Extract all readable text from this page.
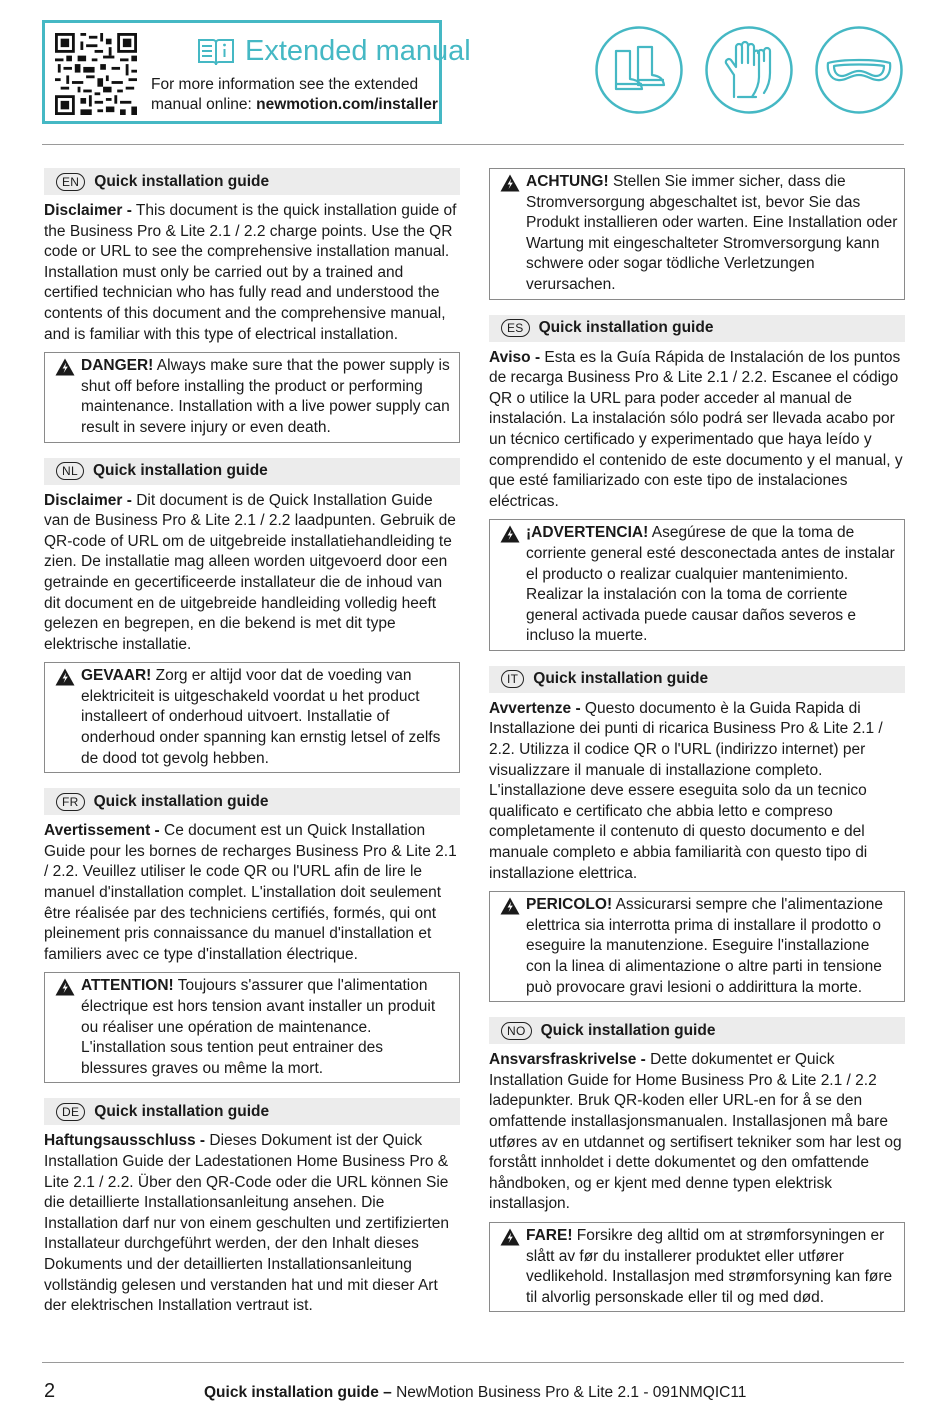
Extended manual
For more information see the extended
manual online: newmotion.com/installer
EN Quick installation guide

Disclaimer - This document is the quick installation guide of the Business Pro & Lite 2.1 / 2.2 charge points. Use the QR code or URL to see the comprehensive installation manual. Installation must only be carried out by a trained and certified technician who has fully read and understood the contents of this document and the comprehensive manual, and is familiar with this type of electrical installation.

DANGER! Always make sure that the power supply is shut off before installing the product or performing maintenance. Installation with a live power supply can result in severe injury or even death.
NL Quick installation guide

Disclaimer - Dit document is de Quick Installation Guide van de Business Pro & Lite 2.1 / 2.2 laadpunten. Gebruik de QR-code of URL om de uitgebreide installatiehandleiding te zien. De installatie mag alleen worden uitgevoerd door een getrainde en gecertificeerde installateur die de inhoud van dit document en de uitgebreide handleiding volledig heeft gelezen en begrepen, en die bekend is met dit type elektrische installatie.

GEVAAR! Zorg er altijd voor dat de voeding van elektriciteit is uitgeschakeld voordat u het product installeert of onderhoud uitvoert. Installatie of onderhoud onder spanning kan ernstig letsel of zelfs de dood tot gevolg hebben.
FR Quick installation guide

Avertissement - Ce document est un Quick Installation Guide pour les bornes de recharges Business Pro & Lite 2.1 / 2.2. Veuillez utiliser le code QR ou l'URL afin de lire le manuel d'installation complet. L'installation doit seulement être réalisée par des techniciens certifiés, formés, qui ont pleinement pris connaissance du manuel d'installation et familiers avec ce type d'installation électrique.

ATTENTION! Toujours s'assurer que l'alimentation électrique est hors tension avant installer un produit ou réaliser une opération de maintenance. L'installation sous tention peut entrainer des blessures graves ou même la mort.
DE Quick installation guide

Haftungsausschluss - Dieses Dokument ist der Quick Installation Guide der Ladestationen Home Business Pro & Lite 2.1 / 2.2. Über den QR-Code oder die URL können Sie die detaillierte Installationsanleitung ansehen. Die Installation darf nur von einem geschulten und zertifizierten Installateur durchgeführt werden, der den Inhalt dieses Dokuments und der detaillierten Installationsanleitung vollständig gelesen und verstanden hat und mit dieser Art der elektrischen Installation vertraut ist.

ACHTUNG! Stellen Sie immer sicher, dass die Stromversorgung abgeschaltet ist, bevor Sie das Produkt installieren oder warten. Eine Installation oder Wartung mit eingeschalteter Stromversorgung kann schwere oder sogar tödliche Verletzungen verursachen.
ES Quick installation guide

Aviso - Esta es la Guía Rápida de Instalación de los puntos de recarga Business Pro & Lite 2.1 / 2.2. Escanee el código QR o utilice la URL para poder acceder al manual de instalación. La instalación sólo podrá ser llevada acabo por un técnico certificado y experimentado que haya leído y comprendido el contenido de este documento y el manual, y que esté familiarizado con este tipo de instalaciones eléctricas.

¡ADVERTENCIA! Asegúrese de que la toma de corriente general esté desconectada antes de instalar el producto o realizar cualquier mantenimiento. Realizar la instalación con la toma de corriente general activada puede causar daños severos e incluso la muerte.
IT Quick installation guide

Avvertenze - Questo documento è la Guida Rapida di Installazione dei punti di ricarica Business Pro & Lite 2.1 / 2.2. Utilizza il codice QR o l'URL (indirizzo internet) per visualizzare il manuale di installazione completo. L'installazione deve essere eseguita solo da un tecnico qualificato e certificato che abbia letto e compreso completamente il contenuto di questo documento e del manuale completo e abbia familiarità con questo tipo di installazione elettrica.

PERICOLO! Assicurarsi sempre che l'alimentazione elettrica sia interrotta prima di installare il prodotto o eseguire la manutenzione. Eseguire l'installazione con la linea di alimentazione o altre parti in tensione può provocare gravi lesioni o addirittura la morte.
NO Quick installation guide

Ansvarsfraskrivelse - Dette dokumentet er Quick Installation Guide for Home Business Pro & Lite 2.1 / 2.2 ladepunkter. Bruk QR-koden eller URL-en for å se den omfattende installasjonsmanualen. Installasjonen må bare utføres av en utdannet og sertifisert tekniker som har lest og forstått innholdet i dette dokumentet og den omfattende håndboken, og er kjent med denne typen elektrisk installasjon.

FARE! Forsikre deg alltid om at strømforsyningen er slått av før du installerer produktet eller utfører vedlikehold. Installasjon med strømforsyning kan føre til alvorlig personskade eller til og med død.
2	Quick installation guide – NewMotion Business Pro & Lite 2.1 - 091NMQIC11
